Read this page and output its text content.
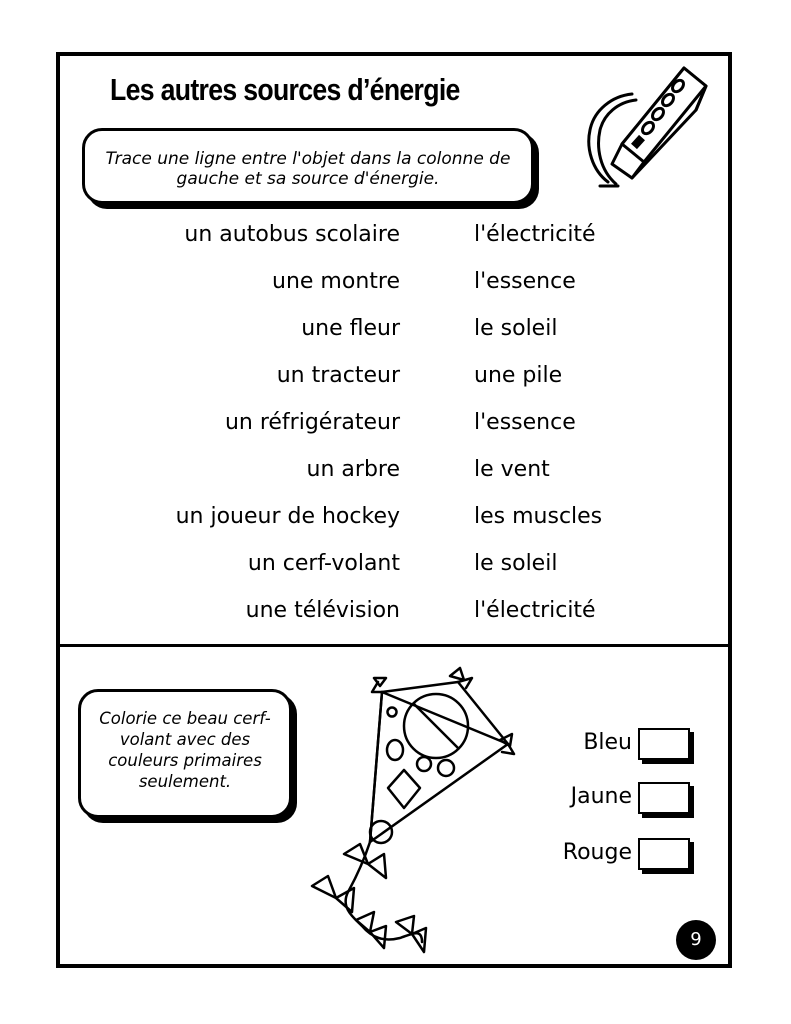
Les autres sources d’énergie
Trace une ligne entre l'objet dans la colonne de gauche et sa source d'énergie.
un autobus scolaire	l'électricité
une montre	l'essence
une fleur	le soleil
un tracteur	une pile
un réfrigérateur	l'essence
un arbre	le vent
un joueur de hockey	les muscles
un cerf-volant	le soleil
une télévision	l'électricité
Colorie ce beau cerf-volant avec des couleurs primaires seulement.
Bleu
Jaune
Rouge
9
